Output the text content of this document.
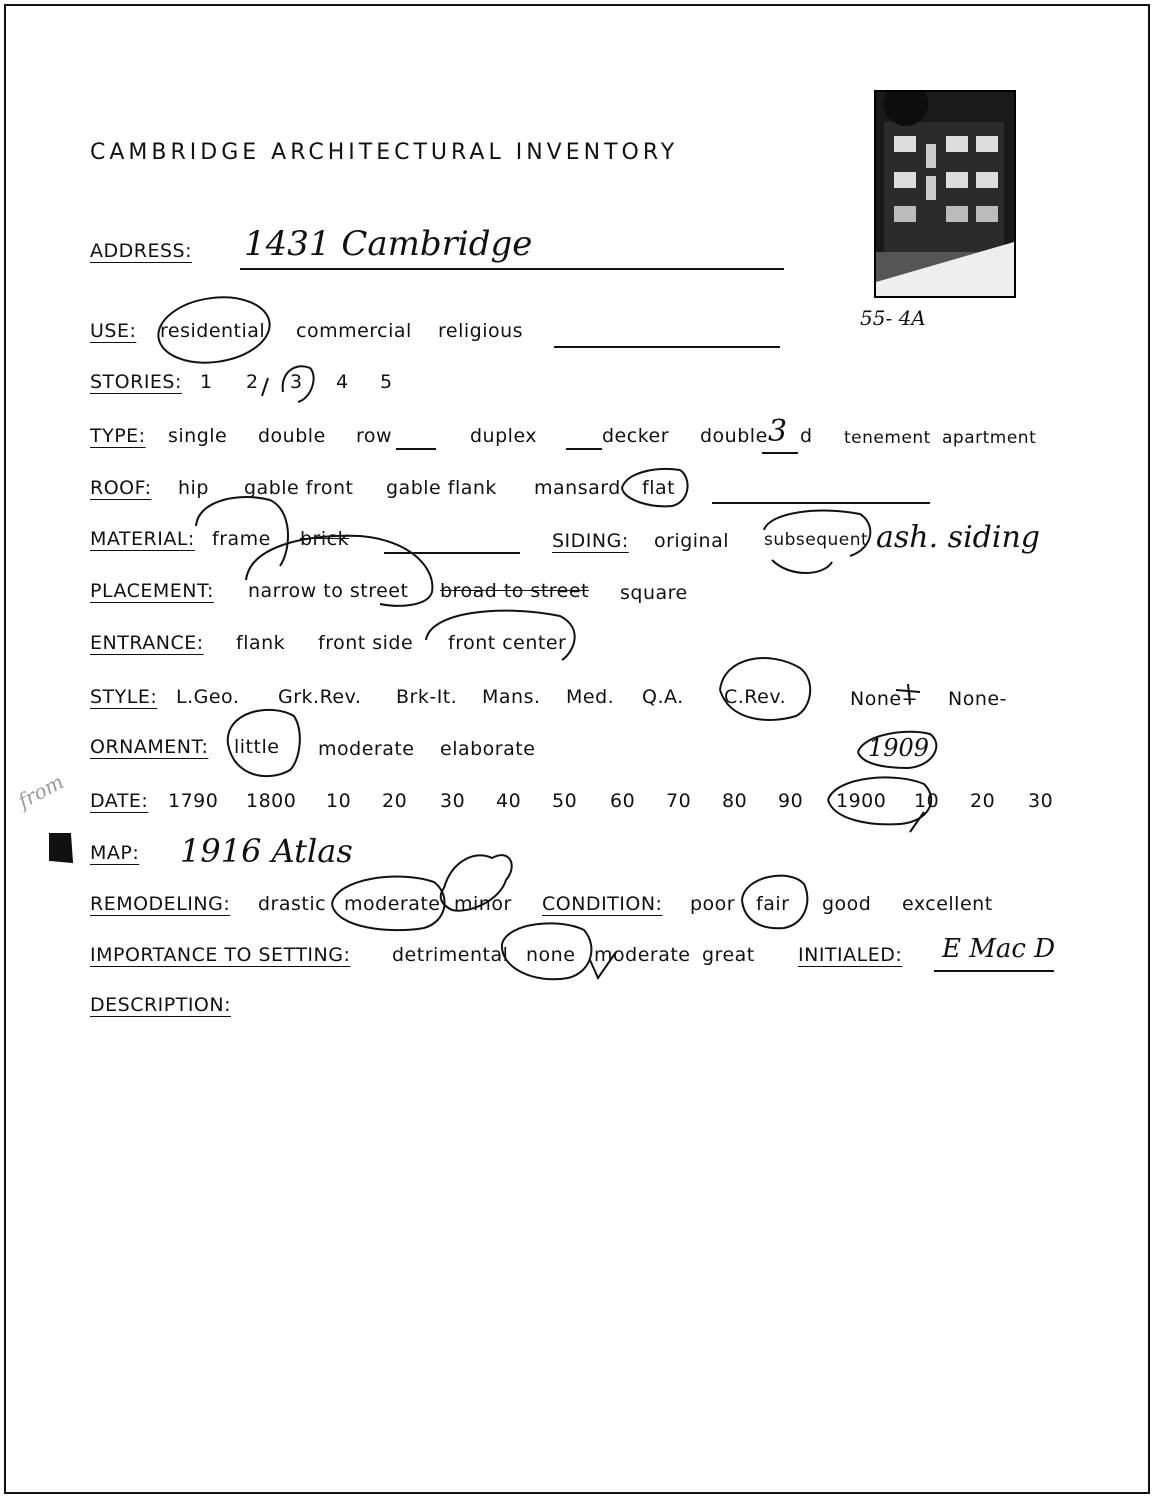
CAMBRIDGE ARCHITECTURAL INVENTORY
55- 4A
ADDRESS: 1431 Cambridge
USE: residential commercial religious
STORIES: 1 2 3 4 5
TYPE: single double row	duplex	decker double 3 d tenement apartment
ROOF: hip gable front gable flank mansard flat
MATERIAL: frame brick	SIDING: original subsequent ash. siding
PLACEMENT: narrow to street broad to street square
ENTRANCE: flank front side front center
STYLE: L.Geo. Grk.Rev. Brk-It. Mans. Med. Q.A. C.Rev.	None+ None-
ORNAMENT: little moderate elaborate	1909
from DATE: 1790 1800 10 20 30 40 50 60 70 80 90 1900 10 20 30
MAP: 1916 Atlas
REMODELING: drastic moderate minor CONDITION: poor fair good excellent
IMPORTANCE TO SETTING: detrimental none moderate great INITIALED: E Mac D
DESCRIPTION:
